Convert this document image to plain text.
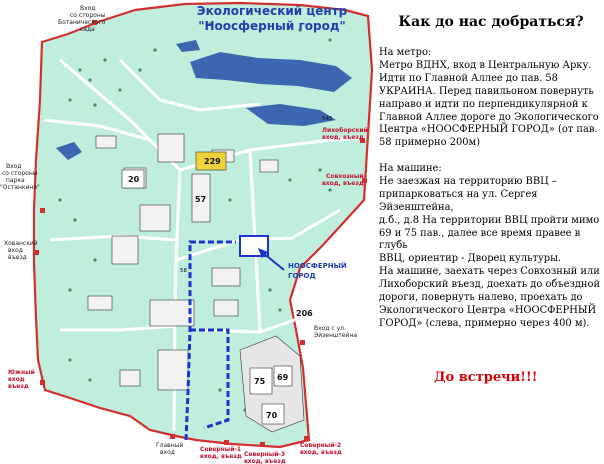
Экологический центр
"Ноосферный город"
НООСФЕРНЫЙ
ГОРОД
229
20
57
58
75 69
70
206
545
Вход
со стороны
Ботанического
сада
Вход
со стороны
парка
"Останкино"
Хованский
вход
въезд
Лихоборский
вход, въезд
Совхозный
вход, въезд
Вход с ул.
Эйзенштейна
Южный
вход
въезд
Главный
вход	Северный-1
вход, въезд Северный-3
вход, въезд
Северный-2
вход, въезд
Как до нас добраться?

На метро:

Метро ВДНХ, вход в Центральную Арку.

Идти по Главной Аллее до пав. 58

УКРАИНА. Перед павильоном повернуть

направо и идти по перпендикулярной к

Главной Аллее дороге до Экологического

Центра «НООСФЕРНЫЙ ГОРОД» (от пав.

58 примерно 200м)

На машине:

Не заезжая на территорию ВВЦ –

припарковаться на ул. Сергея Эйзенштейна,

д.б., д.8 На территории ВВЦ пройти мимо

69 и 75 пав., далее все время правее в глубь

ВВЦ, ориентир - Дворец культуры.

На машине, заехать через Совхозный или

Лихоборский въезд, доехать до объездной

дороги, повернуть налево, проехать до

Экологического Центра «НООСФЕРНЫЙ

ГОРОД» (слева, примерно через 400 м).

До встречи!!!
